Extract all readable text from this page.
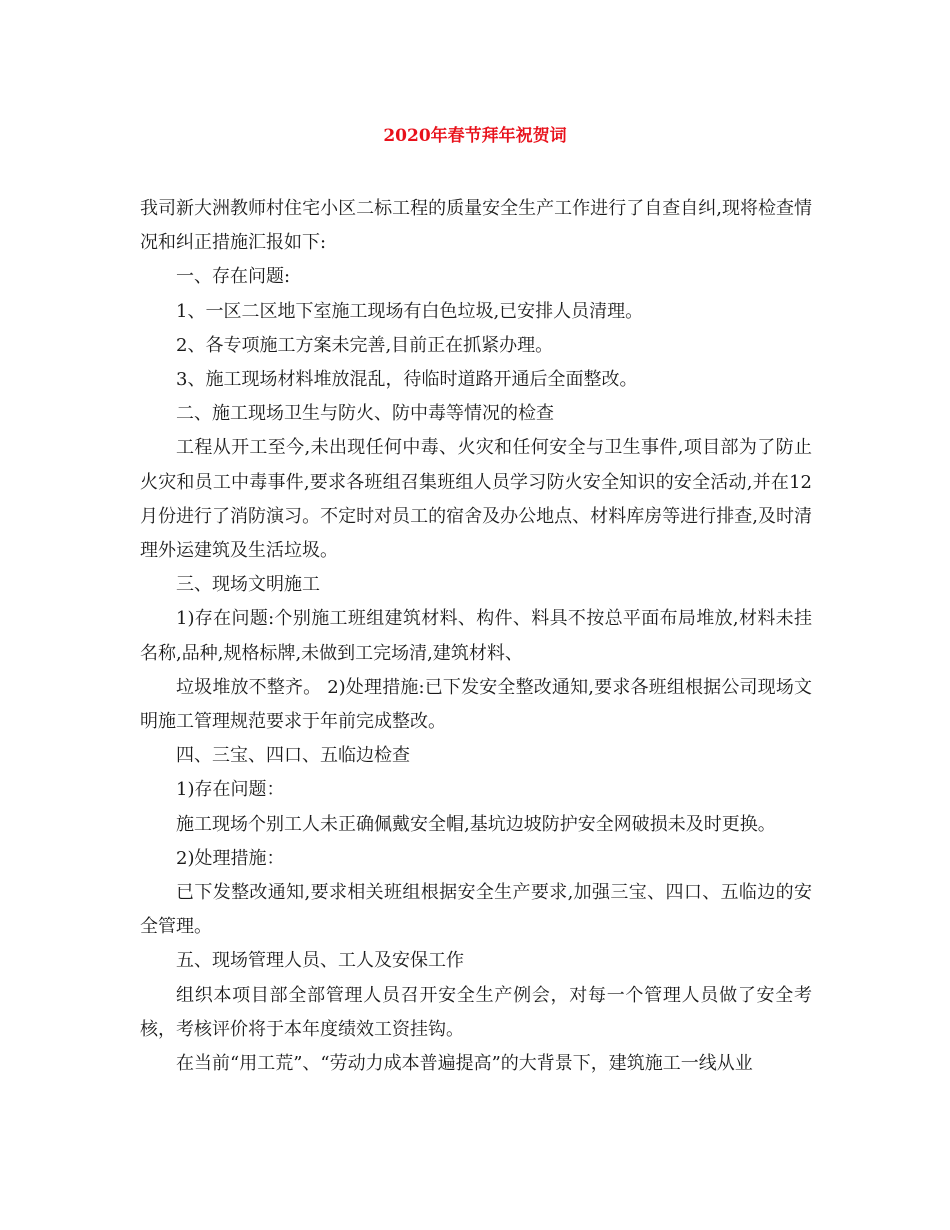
2020年春节拜年祝贺词

我司新大洲教师村住宅小区二标工程的质量安全生产工作进行了自查自纠,现将检查情况和纠正措施汇报如下:

一、存在问题:

1、一区二区地下室施工现场有白色垃圾,已安排人员清理。

2、各专项施工方案未完善,目前正在抓紧办理。

3、施工现场材料堆放混乱，待临时道路开通后全面整改。

二、施工现场卫生与防火、防中毒等情况的检查

工程从开工至今,未出现任何中毒、火灾和任何安全与卫生事件,项目部为了防止火灾和员工中毒事件,要求各班组召集班组人员学习防火安全知识的安全活动,并在12月份进行了消防演习。不定时对员工的宿舍及办公地点、材料库房等进行排查,及时清理外运建筑及生活垃圾。

三、现场文明施工

1)存在问题:个别施工班组建筑材料、构件、料具不按总平面布局堆放,材料未挂名称,品种,规格标牌,未做到工完场清,建筑材料、

垃圾堆放不整齐。 2)处理措施:已下发安全整改通知,要求各班组根据公司现场文明施工管理规范要求于年前完成整改。

四、三宝、四口、五临边检查

1)存在问题：

施工现场个别工人未正确佩戴安全帽,基坑边坡防护安全网破损未及时更换。

2)处理措施：

已下发整改通知,要求相关班组根据安全生产要求,加强三宝、四口、五临边的安全管理。

五、现场管理人员、工人及安保工作

组织本项目部全部管理人员召开安全生产例会，对每一个管理人员做了安全考核，考核评价将于本年度绩效工资挂钩。

在当前“用工荒”、“劳动力成本普遍提高”的大背景下，建筑施工一线从业
